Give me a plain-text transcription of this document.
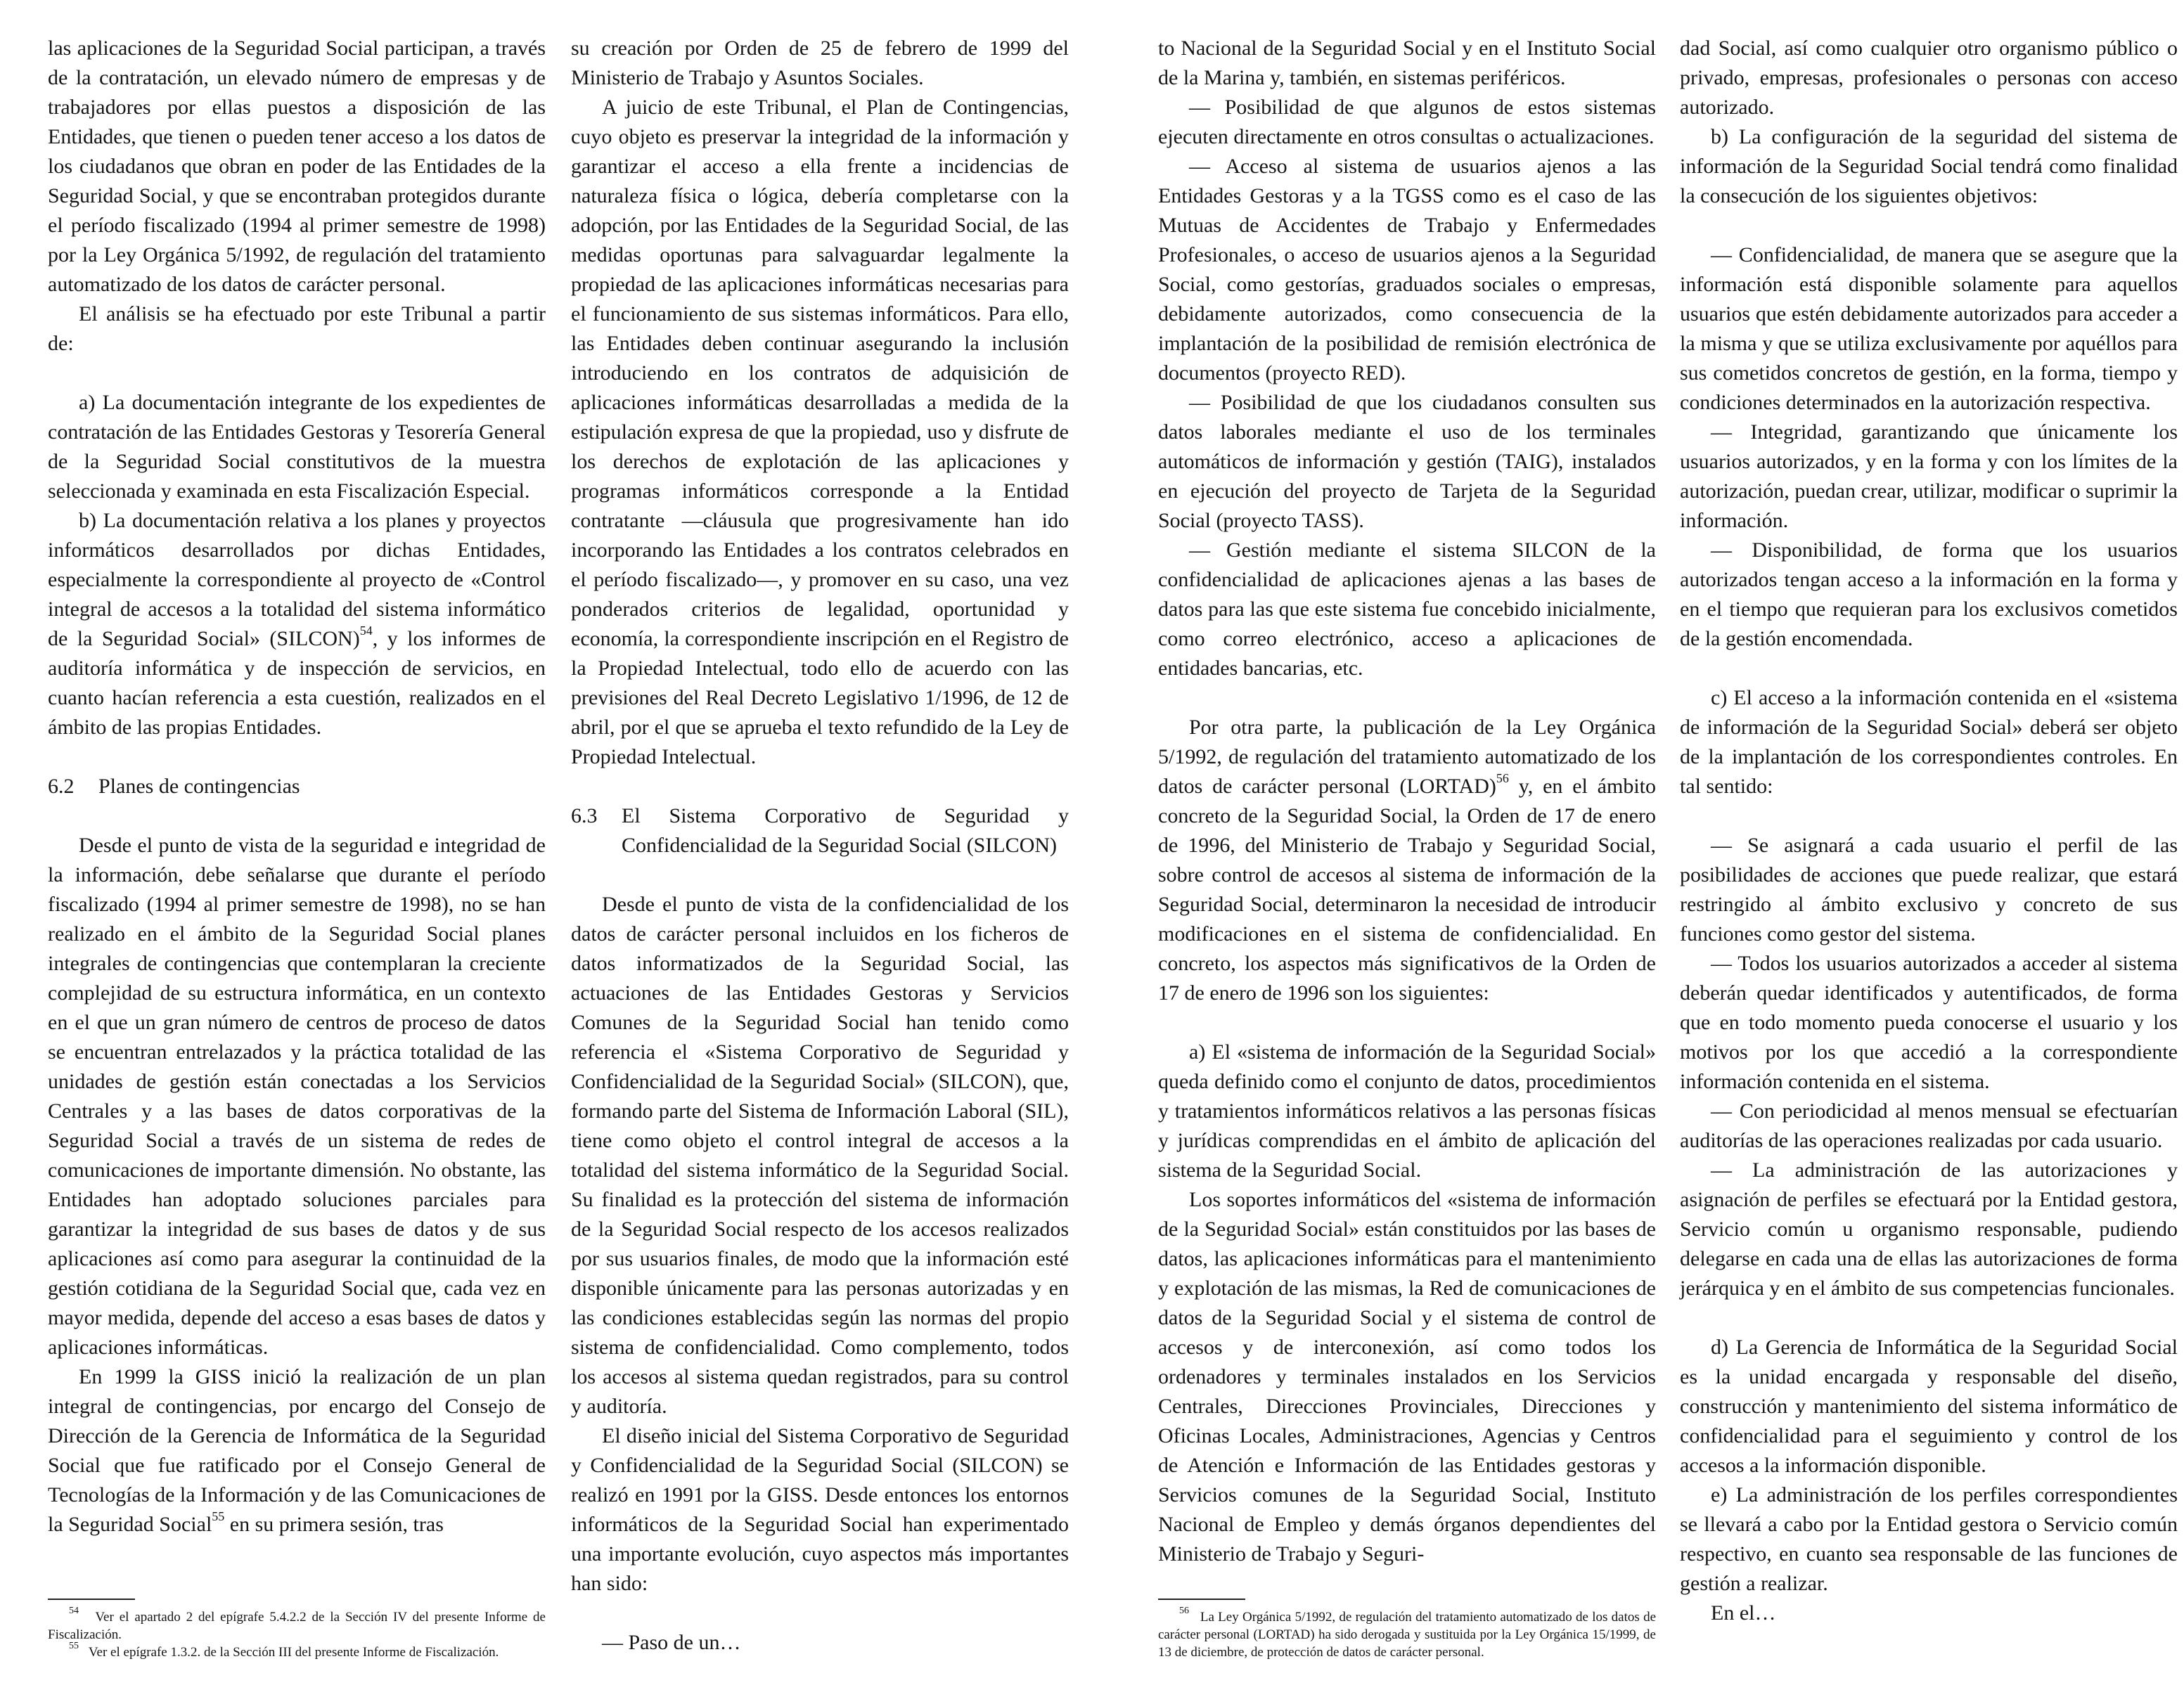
las aplicaciones de la Seguridad Social participan, a través de la contratación, un elevado número de empresas y de trabajadores por ellas puestos a disposición de las Entidades, que tienen o pueden tener acceso a los datos de los ciudadanos que obran en poder de las Entidades de la Seguridad Social, y que se encontraban protegidos durante el período fiscalizado (1994 al primer semestre de 1998) por la Ley Orgánica 5/1992, de regulación del tratamiento automatizado de los datos de carácter personal.

El análisis se ha efectuado por este Tribunal a partir de:

a) La documentación integrante de los expedientes de contratación de las Entidades Gestoras y Tesorería General de la Seguridad Social constitutivos de la muestra seleccionada y examinada en esta Fiscalización Especial.

b) La documentación relativa a los planes y proyectos informáticos desarrollados por dichas Entidades, especialmente la correspondiente al proyecto de «Control integral de accesos a la totalidad del sistema informático de la Seguridad Social» (SILCON)$^{54}$, y los informes de auditoría informática y de inspección de servicios, en cuanto hacían referencia a esta cuestión, realizados en el ámbito de las propias Entidades.

6.2 Planes de contingencias

Desde el punto de vista de la seguridad e integridad de la información, debe señalarse que durante el período fiscalizado (1994 al primer semestre de 1998), no se han realizado en el ámbito de la Seguridad Social planes integrales de contingencias que contemplaran la creciente complejidad de su estructura informática, en un contexto en el que un gran número de centros de proceso de datos se encuentran entrelazados y la práctica totalidad de las unidades de gestión están conectadas a los Servicios Centrales y a las bases de datos corporativas de la Seguridad Social a través de un sistema de redes de comunicaciones de importante dimensión. No obstante, las Entidades han adoptado soluciones parciales para garantizar la integridad de sus bases de datos y de sus aplicaciones así como para asegurar la continuidad de la gestión cotidiana de la Seguridad Social que, cada vez en mayor medida, depende del acceso a esas bases de datos y aplicaciones informáticas.

En 1999 la GISS inició la realización de un plan integral de contingencias, por encargo del Consejo de Dirección de la Gerencia de Informática de la Seguridad Social que fue ratificado por el Consejo General de Tecnologías de la Información y de las Comunicaciones de la Seguridad Social$^{55}$ en su primera sesión, tras

su creación por Orden de 25 de febrero de 1999 del Ministerio de Trabajo y Asuntos Sociales.

A juicio de este Tribunal, el Plan de Contingencias, cuyo objeto es preservar la integridad de la información y garantizar el acceso a ella frente a incidencias de naturaleza física o lógica, debería completarse con la adopción, por las Entidades de la Seguridad Social, de las medidas oportunas para salvaguardar legalmente la propiedad de las aplicaciones informáticas necesarias para el funcionamiento de sus sistemas informáticos. Para ello, las Entidades deben continuar asegurando la inclusión introduciendo en los contratos de adquisición de aplicaciones informáticas desarrolladas a medida de la estipulación expresa de que la propiedad, uso y disfrute de los derechos de explotación de las aplicaciones y programas informáticos corresponde a la Entidad contratante —cláusula que progresivamente han ido incorporando las Entidades a los contratos celebrados en el período fiscalizado—, y promover en su caso, una vez ponderados criterios de legalidad, oportunidad y economía, la correspondiente inscripción en el Registro de la Propiedad Intelectual, todo ello de acuerdo con las previsiones del Real Decreto Legislativo 1/1996, de 12 de abril, por el que se aprueba el texto refundido de la Ley de Propiedad Intelectual.

6.3 El Sistema Corporativo de Seguridad y Confidencialidad de la Seguridad Social (SILCON)

Desde el punto de vista de la confidencialidad de los datos de carácter personal incluidos en los ficheros de datos informatizados de la Seguridad Social, las actuaciones de las Entidades Gestoras y Servicios Comunes de la Seguridad Social han tenido como referencia el «Sistema Corporativo de Seguridad y Confidencialidad de la Seguridad Social» (SILCON), que, formando parte del Sistema de Información Laboral (SIL), tiene como objeto el control integral de accesos a la totalidad del sistema informático de la Seguridad Social. Su finalidad es la protección del sistema de información de la Seguridad Social respecto de los accesos realizados por sus usuarios finales, de modo que la información esté disponible únicamente para las personas autorizadas y en las condiciones establecidas según las normas del propio sistema de confidencialidad. Como complemento, todos los accesos al sistema quedan registrados, para su control y auditoría.

El diseño inicial del Sistema Corporativo de Seguridad y Confidencialidad de la Seguridad Social (SILCON) se realizó en 1991 por la GISS. Desde entonces los entornos informáticos de la Seguridad Social han experimentado una importante evolución, cuyo aspectos más importantes han sido:

— Paso de un…

$^{54}$ Ver el apartado 2 del epígrafe 5.4.2.2 de la Sección IV del presente Informe de Fiscalización.

$^{55}$ Ver el epígrafe 1.3.2. de la Sección III del presente Informe de Fiscalización.

to Nacional de la Seguridad Social y en el Instituto Social de la Marina y, también, en sistemas periféricos.

— Posibilidad de que algunos de estos sistemas ejecuten directamente en otros consultas o actualizaciones.

— Acceso al sistema de usuarios ajenos a las Entidades Gestoras y a la TGSS como es el caso de las Mutuas de Accidentes de Trabajo y Enfermedades Profesionales, o acceso de usuarios ajenos a la Seguridad Social, como gestorías, graduados sociales o empresas, debidamente autorizados, como consecuencia de la implantación de la posibilidad de remisión electrónica de documentos (proyecto RED).

— Posibilidad de que los ciudadanos consulten sus datos laborales mediante el uso de los terminales automáticos de información y gestión (TAIG), instalados en ejecución del proyecto de Tarjeta de la Seguridad Social (proyecto TASS).

— Gestión mediante el sistema SILCON de la confidencialidad de aplicaciones ajenas a las bases de datos para las que este sistema fue concebido inicialmente, como correo electrónico, acceso a aplicaciones de entidades bancarias, etc.

Por otra parte, la publicación de la Ley Orgánica 5/1992, de regulación del tratamiento automatizado de los datos de carácter personal (LORTAD)$^{56}$ y, en el ámbito concreto de la Seguridad Social, la Orden de 17 de enero de 1996, del Ministerio de Trabajo y Seguridad Social, sobre control de accesos al sistema de información de la Seguridad Social, determinaron la necesidad de introducir modificaciones en el sistema de confidencialidad. En concreto, los aspectos más significativos de la Orden de 17 de enero de 1996 son los siguientes:

a) El «sistema de información de la Seguridad Social» queda definido como el conjunto de datos, procedimientos y tratamientos informáticos relativos a las personas físicas y jurídicas comprendidas en el ámbito de aplicación del sistema de la Seguridad Social.

Los soportes informáticos del «sistema de información de la Seguridad Social» están constituidos por las bases de datos, las aplicaciones informáticas para el mantenimiento y explotación de las mismas, la Red de comunicaciones de datos de la Seguridad Social y el sistema de control de accesos y de interconexión, así como todos los ordenadores y terminales instalados en los Servicios Centrales, Direcciones Provinciales, Direcciones y Oficinas Locales, Administraciones, Agencias y Centros de Atención e Información de las Entidades gestoras y Servicios comunes de la Seguridad Social, Instituto Nacional de Empleo y demás órganos dependientes del Ministerio de Trabajo y Seguri-

dad Social, así como cualquier otro organismo público o privado, empresas, profesionales o personas con acceso autorizado.

b) La configuración de la seguridad del sistema de información de la Seguridad Social tendrá como finalidad la consecución de los siguientes objetivos:

— Confidencialidad, de manera que se asegure que la información está disponible solamente para aquellos usuarios que estén debidamente autorizados para acceder a la misma y que se utiliza exclusivamente por aquéllos para sus cometidos concretos de gestión, en la forma, tiempo y condiciones determinados en la autorización respectiva.

— Integridad, garantizando que únicamente los usuarios autorizados, y en la forma y con los límites de la autorización, puedan crear, utilizar, modificar o suprimir la información.

— Disponibilidad, de forma que los usuarios autorizados tengan acceso a la información en la forma y en el tiempo que requieran para los exclusivos cometidos de la gestión encomendada.

c) El acceso a la información contenida en el «sistema de información de la Seguridad Social» deberá ser objeto de la implantación de los correspondientes controles. En tal sentido:

— Se asignará a cada usuario el perfil de las posibilidades de acciones que puede realizar, que estará restringido al ámbito exclusivo y concreto de sus funciones como gestor del sistema.

— Todos los usuarios autorizados a acceder al sistema deberán quedar identificados y autentificados, de forma que en todo momento pueda conocerse el usuario y los motivos por los que accedió a la correspondiente información contenida en el sistema.

— Con periodicidad al menos mensual se efectuarían auditorías de las operaciones realizadas por cada usuario.

— La administración de las autorizaciones y asignación de perfiles se efectuará por la Entidad gestora, Servicio común u organismo responsable, pudiendo delegarse en cada una de ellas las autorizaciones de forma jerárquica y en el ámbito de sus competencias funcionales.

d) La Gerencia de Informática de la Seguridad Social es la unidad encargada y responsable del diseño, construcción y mantenimiento del sistema informático de confidencialidad para el seguimiento y control de los accesos a la información disponible.

e) La administración de los perfiles correspondientes se llevará a cabo por la Entidad gestora o Servicio común respectivo, en cuanto sea responsable de las funciones de gestión a realizar.

En el…

$^{56}$ La Ley Orgánica 5/1992, de regulación del tratamiento automatizado de los datos de carácter personal (LORTAD) ha sido derogada y sustituida por la Ley Orgánica 15/1999, de 13 de diciembre, de protección de datos de carácter personal.
